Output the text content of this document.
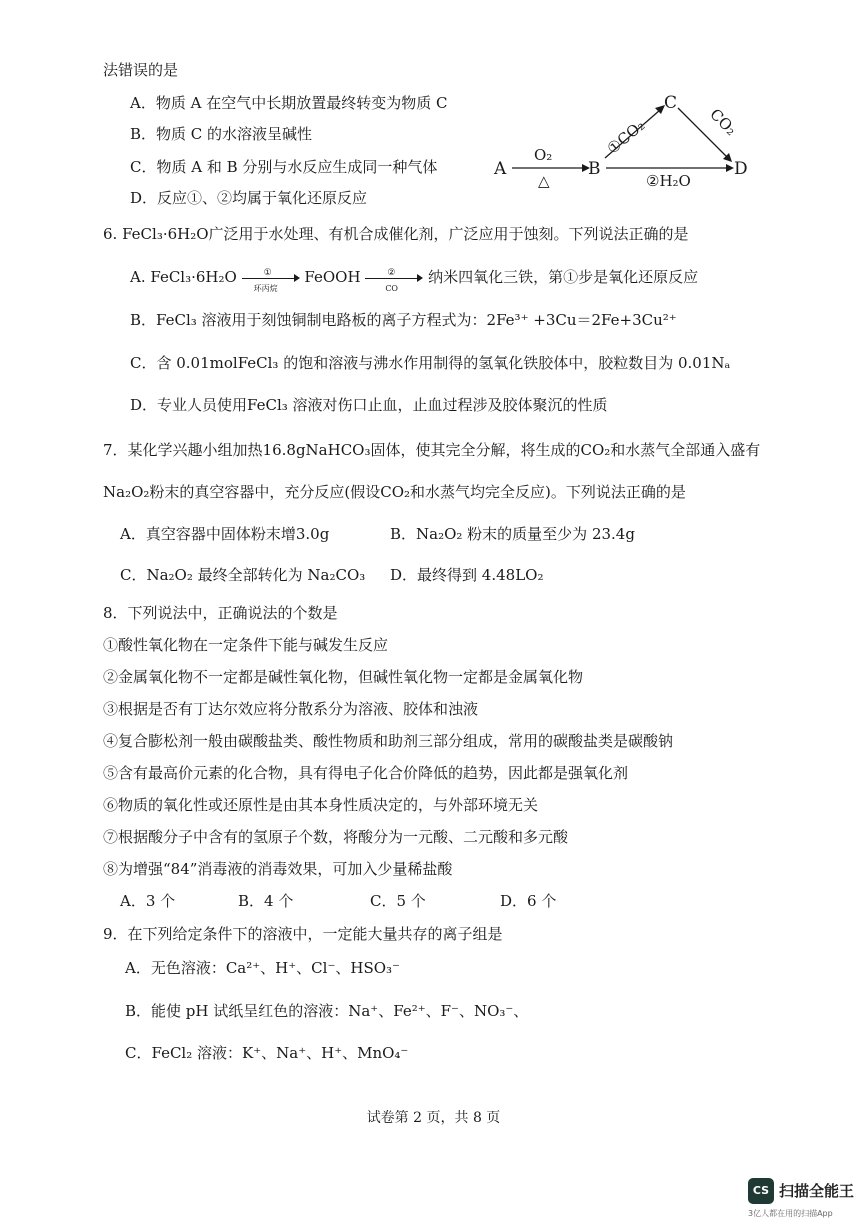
法错误的是
A．物质 A 在空气中长期放置最终转变为物质 C
B．物质 C 的水溶液呈碱性
C．物质 A 和 B 分别与水反应生成同一种气体
D．反应①、②均属于氧化还原反应
A
O₂
△
B
①CO₂
C
CO₂
D
②H₂O
6. FeCl₃·6H₂O广泛用于水处理、有机合成催化剂，广泛应用于蚀刻。下列说法正确的是
A. FeCl₃·6H₂O	①
环丙烷
FeOOH	②
CO
纳米四氧化三铁，第①步是氧化还原反应
B．FeCl₃ 溶液用于刻蚀铜制电路板的离子方程式为：2Fe³⁺ +3Cu＝2Fe+3Cu²⁺
C．含 0.01molFeCl₃ 的饱和溶液与沸水作用制得的氢氧化铁胶体中，胶粒数目为 0.01Nₐ
D．专业人员使用FeCl₃ 溶液对伤口止血，止血过程涉及胶体聚沉的性质
7．某化学兴趣小组加热16.8gNaHCO₃固体，使其完全分解，将生成的CO₂和水蒸气全部通入盛有
Na₂O₂粉末的真空容器中，充分反应(假设CO₂和水蒸气均完全反应)。下列说法正确的是
A．真空容器中固体粉末增3.0g	B．Na₂O₂ 粉末的质量至少为 23.4g
C．Na₂O₂ 最终全部转化为 Na₂CO₃ D．最终得到 4.48LO₂
8．下列说法中，正确说法的个数是
①酸性氧化物在一定条件下能与碱发生反应
②金属氧化物不一定都是碱性氧化物，但碱性氧化物一定都是金属氧化物
③根据是否有丁达尔效应将分散系分为溶液、胶体和浊液
④复合膨松剂一般由碳酸盐类、酸性物质和助剂三部分组成，常用的碳酸盐类是碳酸钠
⑤含有最高价元素的化合物，具有得电子化合价降低的趋势，因此都是强氧化剂
⑥物质的氧化性或还原性是由其本身性质决定的，与外部环境无关
⑦根据酸分子中含有的氢原子个数，将酸分为一元酸、二元酸和多元酸
⑧为增强“84”消毒液的消毒效果，可加入少量稀盐酸
A．3 个	B．4 个	C．5 个	D．6 个
9．在下列给定条件下的溶液中，一定能大量共存的离子组是
A．无色溶液：Ca²⁺、H⁺、Cl⁻、HSO₃⁻
B．能使 pH 试纸呈红色的溶液：Na⁺、Fe²⁺、F⁻、NO₃⁻、
C．FeCl₂ 溶液：K⁺、Na⁺、H⁺、MnO₄⁻
试卷第 2 页，共 8 页
CS 扫描全能王
3亿人都在用的扫描App
